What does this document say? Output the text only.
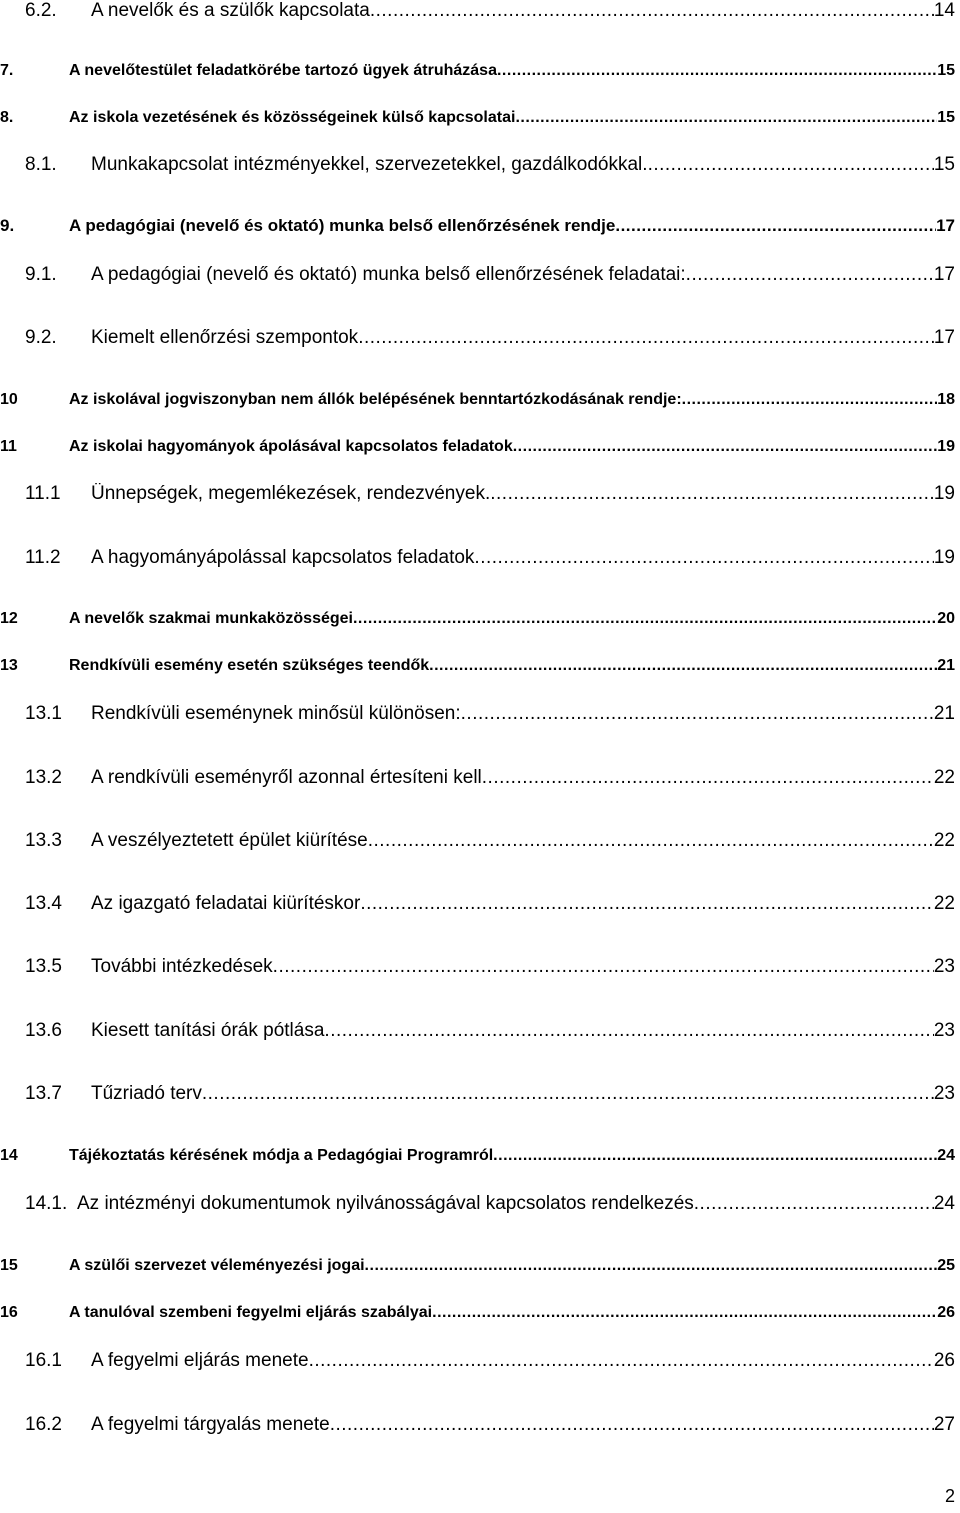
6.2.	A nevelők és a szülők kapcsolata .....	14
7.	A nevelőtestület feladatkörébe tartozó ügyek átruházása .....	15
8.	Az iskola vezetésének és közösségeinek külső kapcsolatai .....	15
8.1.	Munkakapcsolat intézményekkel, szervezetekkel, gazdálkodókkal. .....	15
9.	A pedagógiai (nevelő és oktató) munka belső ellenőrzésének rendje .....	17
9.1.	A pedagógiai (nevelő és oktató) munka belső ellenőrzésének feladatai: .....	17
9.2.	Kiemelt ellenőrzési szempontok .....	17
10	Az iskolával jogviszonyban nem állók belépésének benntartózkodásának rendje: .....	18
11	Az iskolai hagyományok ápolásával kapcsolatos feladatok .....	19
11.1	Ünnepségek, megemlékezések, rendezvények. .....	19
11.2	A hagyományápolással kapcsolatos feladatok .....	19
12	A nevelők szakmai munkaközösségei .....	20
13	Rendkívüli esemény esetén szükséges teendők .....	21
13.1	Rendkívüli eseménynek minősül különösen: .....	21
13.2	A rendkívüli eseményről azonnal értesíteni kell .....	22
13.3	A veszélyeztetett épület kiürítése .....	22
13.4	Az igazgató feladatai kiürítéskor .....	22
13.5	További intézkedések .....	23
13.6	Kiesett tanítási órák pótlása .....	23
13.7	Tűzriadó terv .....	23
14	Tájékoztatás kérésének módja a Pedagógiai Programról .....	24
14.1. Az intézményi dokumentumok nyilvánosságával kapcsolatos rendelkezés .....	24
15	A szülői szervezet véleményezési jogai .....	25
16	A tanulóval szembeni fegyelmi eljárás szabályai .....	26
16.1	A fegyelmi eljárás menete .....	26
16.2	A fegyelmi tárgyalás menete .....	27
2
